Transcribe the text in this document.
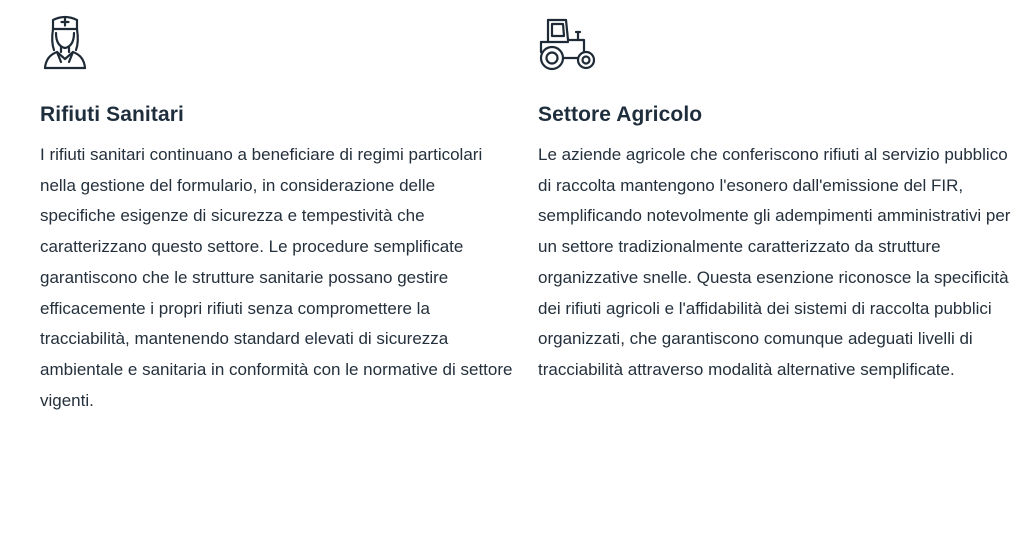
Rifiuti Sanitari

I rifiuti sanitari continuano a beneficiare di regimi particolari nella gestione del formulario, in considerazione delle specifiche esigenze di sicurezza e tempestività che caratterizzano questo settore. Le procedure semplificate garantiscono che le strutture sanitarie possano gestire efficacemente i propri rifiuti senza compromettere la tracciabilità, mantenendo standard elevati di sicurezza ambientale e sanitaria in conformità con le normative di settore vigenti.

Settore Agricolo

Le aziende agricole che conferiscono rifiuti al servizio pubblico di raccolta mantengono l'esonero dall'emissione del FIR, semplificando notevolmente gli adempimenti amministrativi per un settore tradizionalmente caratterizzato da strutture organizzative snelle. Questa esenzione riconosce la specificità dei rifiuti agricoli e l'affidabilità dei sistemi di raccolta pubblici organizzati, che garantiscono comunque adeguati livelli di tracciabilità attraverso modalità alternative semplificate.
